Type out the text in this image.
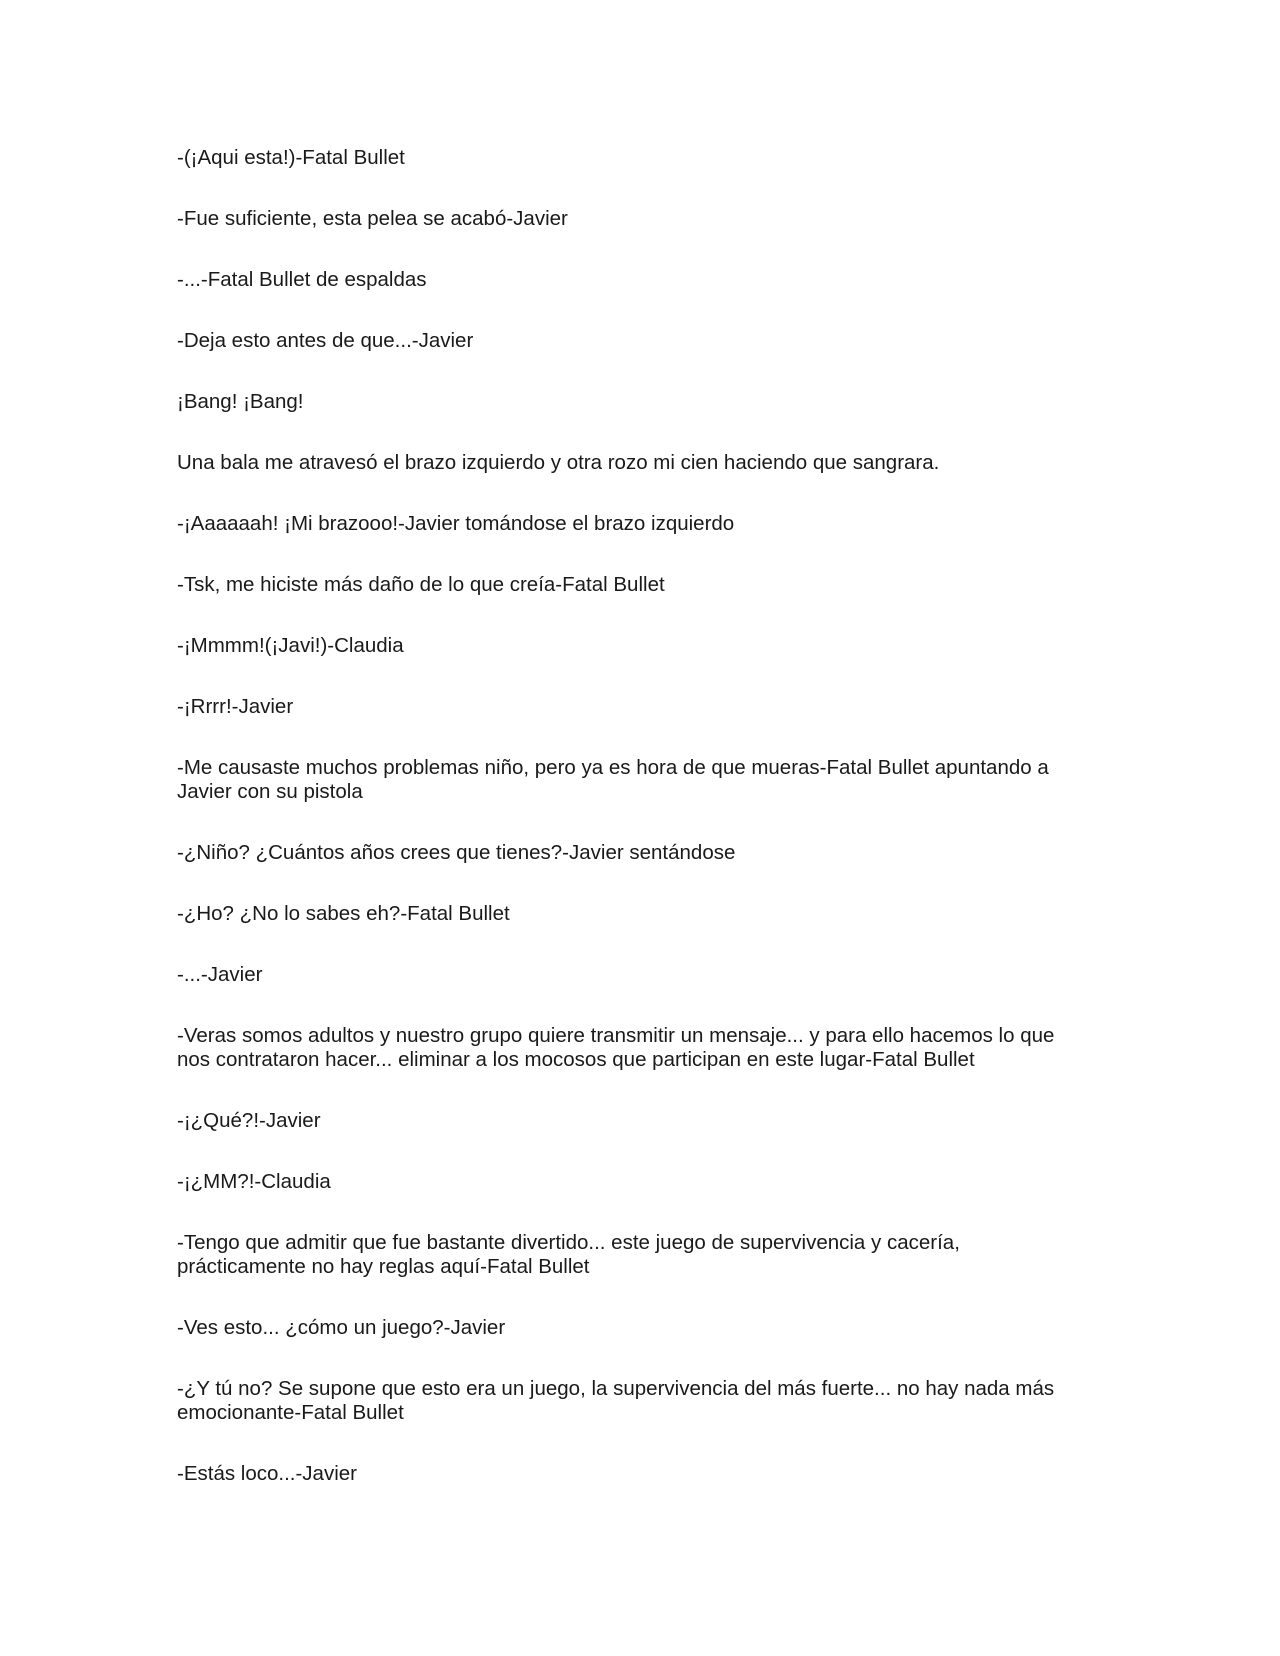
-(¡Aqui esta!)-Fatal Bullet

-Fue suficiente, esta pelea se acabó-Javier

-...-Fatal Bullet de espaldas

-Deja esto antes de que...-Javier

¡Bang! ¡Bang!

Una bala me atravesó el brazo izquierdo y otra rozo mi cien haciendo que sangrara.

-¡Aaaaaah! ¡Mi brazooo!-Javier tomándose el brazo izquierdo

-Tsk, me hiciste más daño de lo que creía-Fatal Bullet

-¡Mmmm!(¡Javi!)-Claudia

-¡Rrrr!-Javier

-Me causaste muchos problemas niño, pero ya es hora de que mueras-Fatal Bullet apuntando a Javier con su pistola

-¿Niño? ¿Cuántos años crees que tienes?-Javier sentándose

-¿Ho? ¿No lo sabes eh?-Fatal Bullet

-...-Javier

-Veras somos adultos y nuestro grupo quiere transmitir un mensaje... y para ello hacemos lo que nos contrataron hacer... eliminar a los mocosos que participan en este lugar-Fatal Bullet

-¡¿Qué?!-Javier

-¡¿MM?!-Claudia

-Tengo que admitir que fue bastante divertido... este juego de supervivencia y cacería, prácticamente no hay reglas aquí-Fatal Bullet

-Ves esto... ¿cómo un juego?-Javier

-¿Y tú no? Se supone que esto era un juego, la supervivencia del más fuerte... no hay nada más emocionante-Fatal Bullet

-Estás loco...-Javier
